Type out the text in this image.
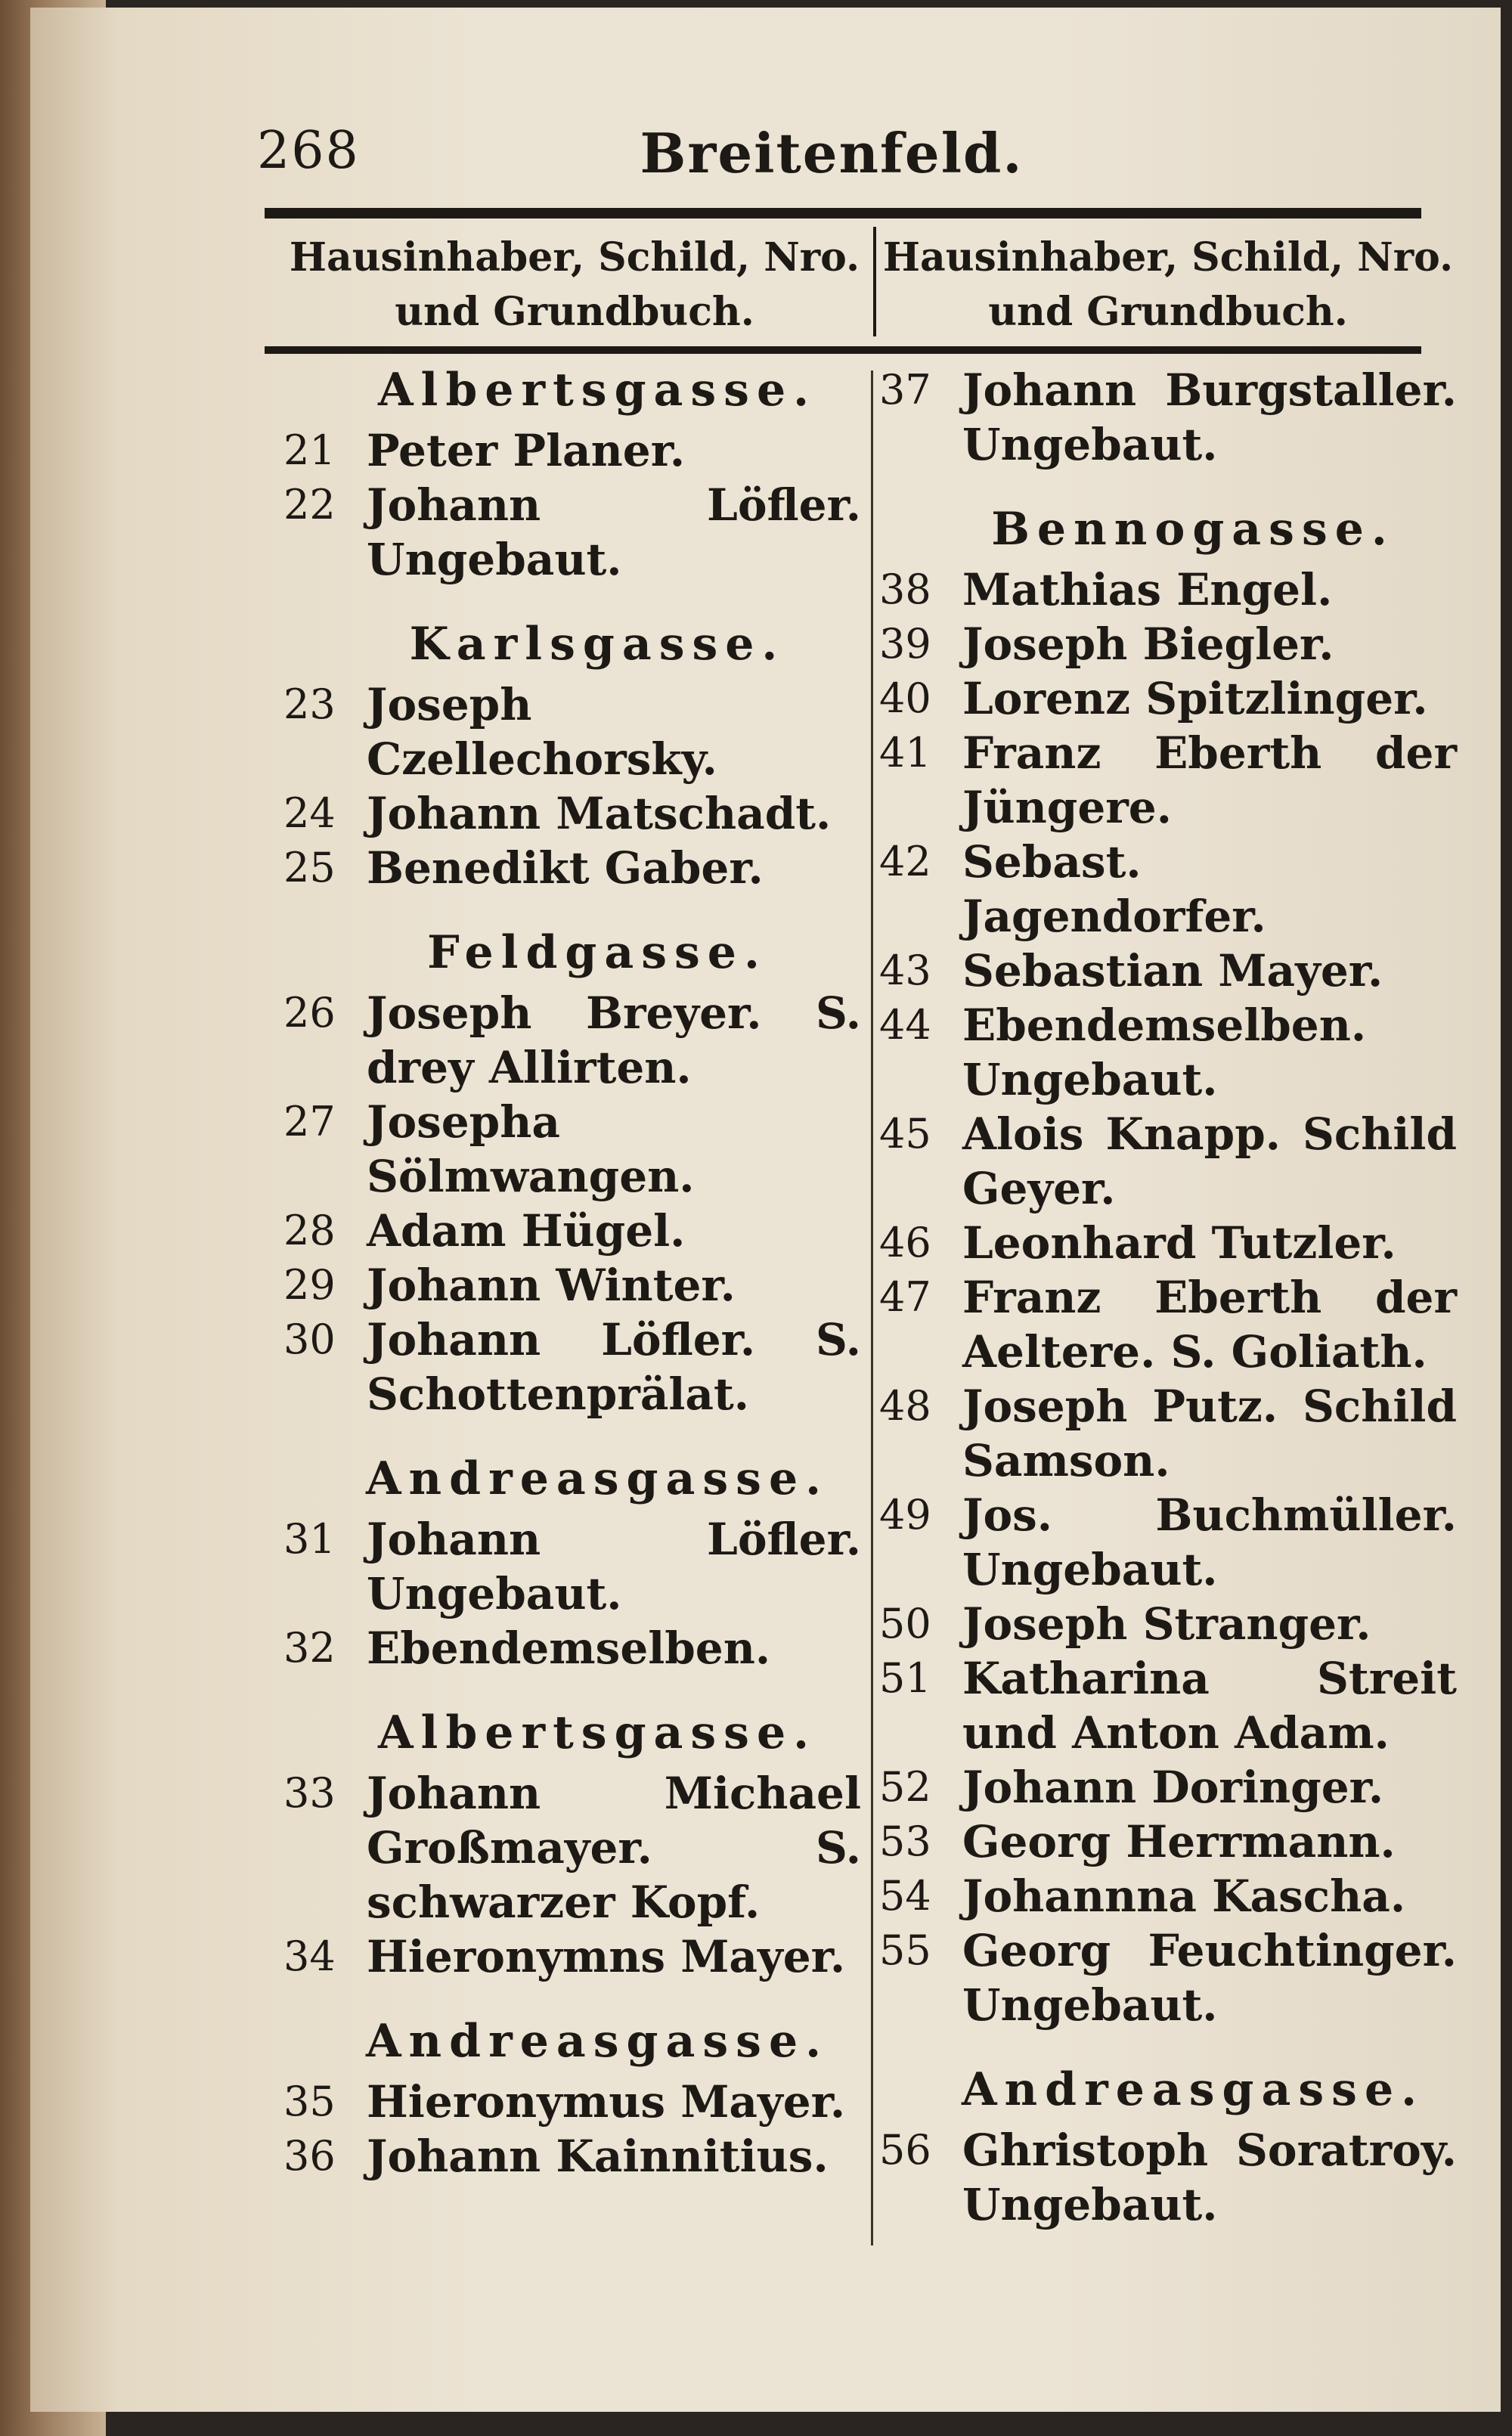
268	Breitenfeld.
Hausinhaber, Schild, Nro. und Grundbuch.
Hausinhaber, Schild, Nro. und Grundbuch.
Albertsgasse.
21 Peter Planer.
22 Johann Löfler. Ungebaut.
Karlsgasse.
23 Joseph Czellechorsky.
24 Johann Matschadt.
25 Benedikt Gaber.
Feldgasse.
26 Joseph Breyer. S. drey Allirten.
27 Josepha Sölmwangen.
28 Adam Hügel.
29 Johann Winter.
30 Johann Löfler. S. Schottenprälat.
Andreasgasse.
31 Johann Löfler. Ungebaut.
32 Ebendemselben.
Albertsgasse.
33 Johann Michael Großmayer. S. schwarzer Kopf.
34 Hieronymns Mayer.
Andreasgasse.
35 Hieronymus Mayer.
36 Johann Kainnitius.
37 Johann Burgstaller. Ungebaut.
Bennogasse.
38 Mathias Engel.
39 Joseph Biegler.
40 Lorenz Spitzlinger.
41 Franz Eberth der Jüngere.
42 Sebast. Jagendorfer.
43 Sebastian Mayer.
44 Ebendemselben. Ungebaut.
45 Alois Knapp. Schild Geyer.
46 Leonhard Tutzler.
47 Franz Eberth der Aeltere. S. Goliath.
48 Joseph Putz. Schild Samson.
49 Jos. Buchmüller. Ungebaut.
50 Joseph Stranger.
51 Katharina Streit und Anton Adam.
52 Johann Doringer.
53 Georg Herrmann.
54 Johannna Kascha.
55 Georg Feuchtinger. Ungebaut.
Andreasgasse.
56 Ghristoph Soratroy. Ungebaut.
